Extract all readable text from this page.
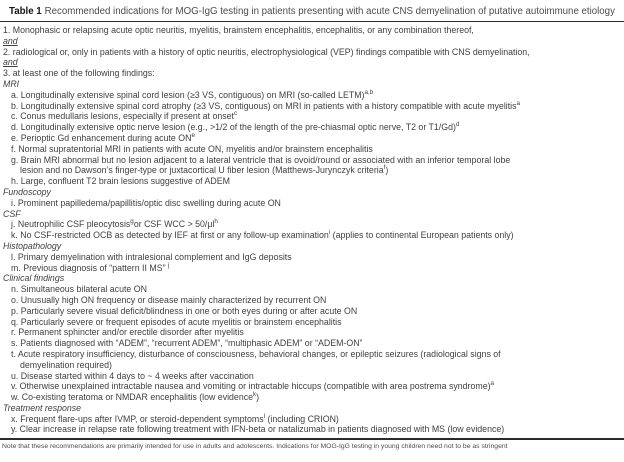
Table 1 Recommended indications for MOG-IgG testing in patients presenting with acute CNS demyelination of putative autoimmune etiology
1. Monophasic or relapsing acute optic neuritis, myelitis, brainstem encephalitis, encephalitis, or any combination thereof,
and
2. radiological or, only in patients with a history of optic neuritis, electrophysiological (VEP) findings compatible with CNS demyelination,
and
3. at least one of the following findings:
MRI
a. Longitudinally extensive spinal cord lesion (≥3 VS, contiguous) on MRI (so-called LETM)$^{a,b}$
b. Longitudinally extensive spinal cord atrophy (≥3 VS, contiguous) on MRI in patients with a history compatible with acute myelitis$^a$
c. Conus medullaris lesions, especially if present at onset$^c$
d. Longitudinally extensive optic nerve lesion (e.g., >1/2 of the length of the pre-chiasmal optic nerve, T2 or T1/Gd)$^d$
e. Perioptic Gd enhancement during acute $ON^e$
f. Normal supratentorial MRI in patients with acute ON, myelitis and/or brainstem encephalitis
g. Brain MRI abnormal but no lesion adjacent to a lateral ventricle that is ovoid/round or associated with an inferior temporal lobe
lesion and no Dawson’s finger-type or juxtacortical U fiber lesion (Matthews-Jurynczyk criteria$^f$)
h. Large, confluent T2 brain lesions suggestive of ADEM
Fundoscopy
i. Prominent papilledema/papillitis/optic disc swelling during acute ON
CSF
j. Neutrophilic CSF pleocytosis$^g$or CSF WCC > $50/\mu l^h$
k. No CSF-restricted OCB as detected by IEF at first or any follow-up examination$^i$ (applies to continental European patients only)
Histopathology
l. Primary demyelination with intralesional complement and IgG deposits
m. Previous diagnosis of “pattern II MS” $^j$
Clinical findings
n. Simultaneous bilateral acute ON
o. Unusually high ON frequency or disease mainly characterized by recurrent ON
p. Particularly severe visual deficit/blindness in one or both eyes during or after acute ON
q. Particularly severe or frequent episodes of acute myelitis or brainstem encephalitis
r. Permanent sphincter and/or erectile disorder after myelitis
s. Patients diagnosed with “ADEM”, “recurrent ADEM”, “multiphasic ADEM” or “ADEM-ON”
t. Acute respiratory insufficiency, disturbance of consciousness, behavioral changes, or epileptic seizures (radiological signs of
demyelination required)
u. Disease started within 4 days to ~ 4 weeks after vaccination
v. Otherwise unexplained intractable nausea and vomiting or intractable hiccups (compatible with area postrema syndrome)$^a$
w. Co-existing teratoma or NMDAR encephalitis (low evidence$^k$)
Treatment response
x. Frequent flare-ups after IVMP, or steroid-dependent symptoms$^l$ (including CRION)
y. Clear increase in relapse rate following treatment with IFN-beta or natalizumab in patients diagnosed with MS (low evidence)
Note that these recommendations are primarily intended for use in adults and adolescents. Indications for MOG-IgG testing in young children need not to be as stringent
